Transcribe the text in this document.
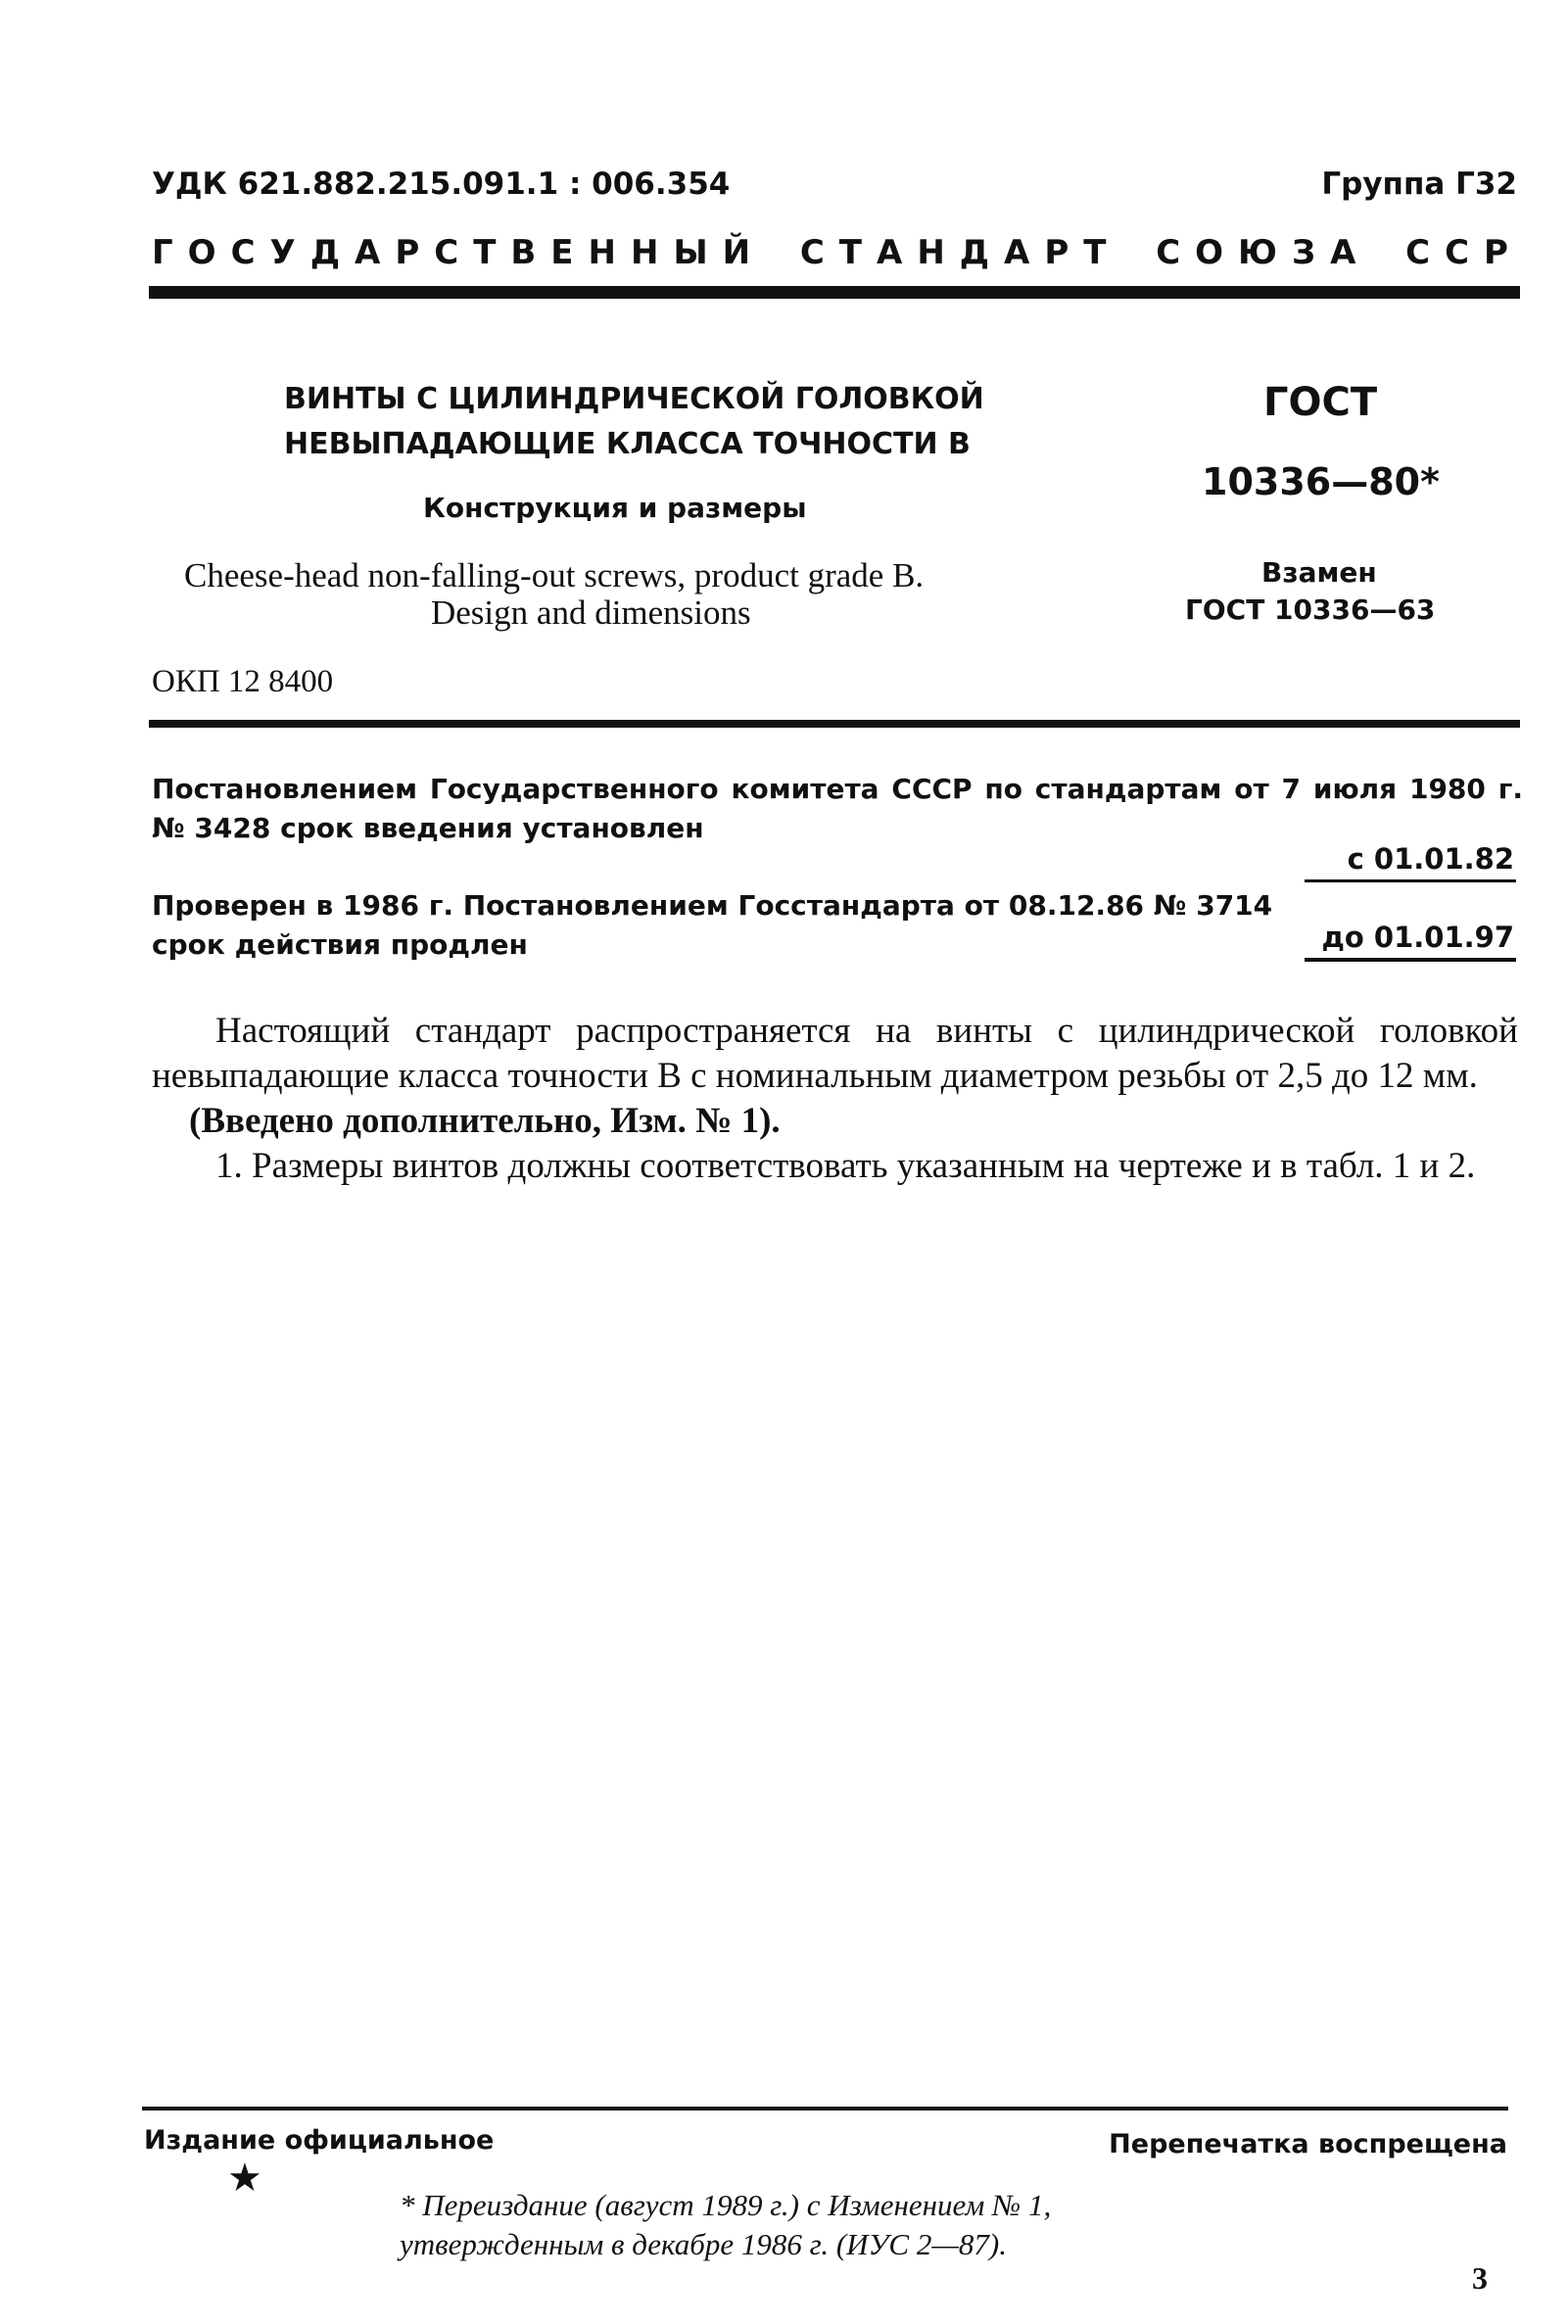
УДК 621.882.215.091.1 : 006.354	Группа Г32
ГОСУДАРСТВЕННЫЙ СТАНДАРТ СОЮЗА ССР
ВИНТЫ С ЦИЛИНДРИЧЕСКОЙ ГОЛОВКОЙ
НЕВЫПАДАЮЩИЕ КЛАССА ТОЧНОСТИ В
Конструкция и размеры
Cheese-head non-falling-out screws, product grade B.
Design and dimensions
ОКП 12 8400
ГОСТ
10336—80*
Взамен
ГОСТ 10336—63
Постановлением Государственного комитета СССР по стандартам от 7 июля 1980 г. № 3428 срок введения установлен
с 01.01.82
Проверен в 1986 г. Постановлением Госстандарта от 08.12.86 № 3714 срок действия продлен	до 01.01.97

Настоящий стандарт распространяется на винты с цилиндрической головкой невыпадающие класса точности В с номинальным диаметром резьбы от 2,5 до 12 мм.

(Введено дополнительно, Изм. № 1).

1. Размеры винтов должны соответствовать указанным на чертеже и в табл. 1 и 2.

Издание официальное	Перепечатка воспрещена
★
* Переиздание (август 1989 г.) с Изменением № 1,
утвержденным в декабре 1986 г. (ИУС 2—87).
3
